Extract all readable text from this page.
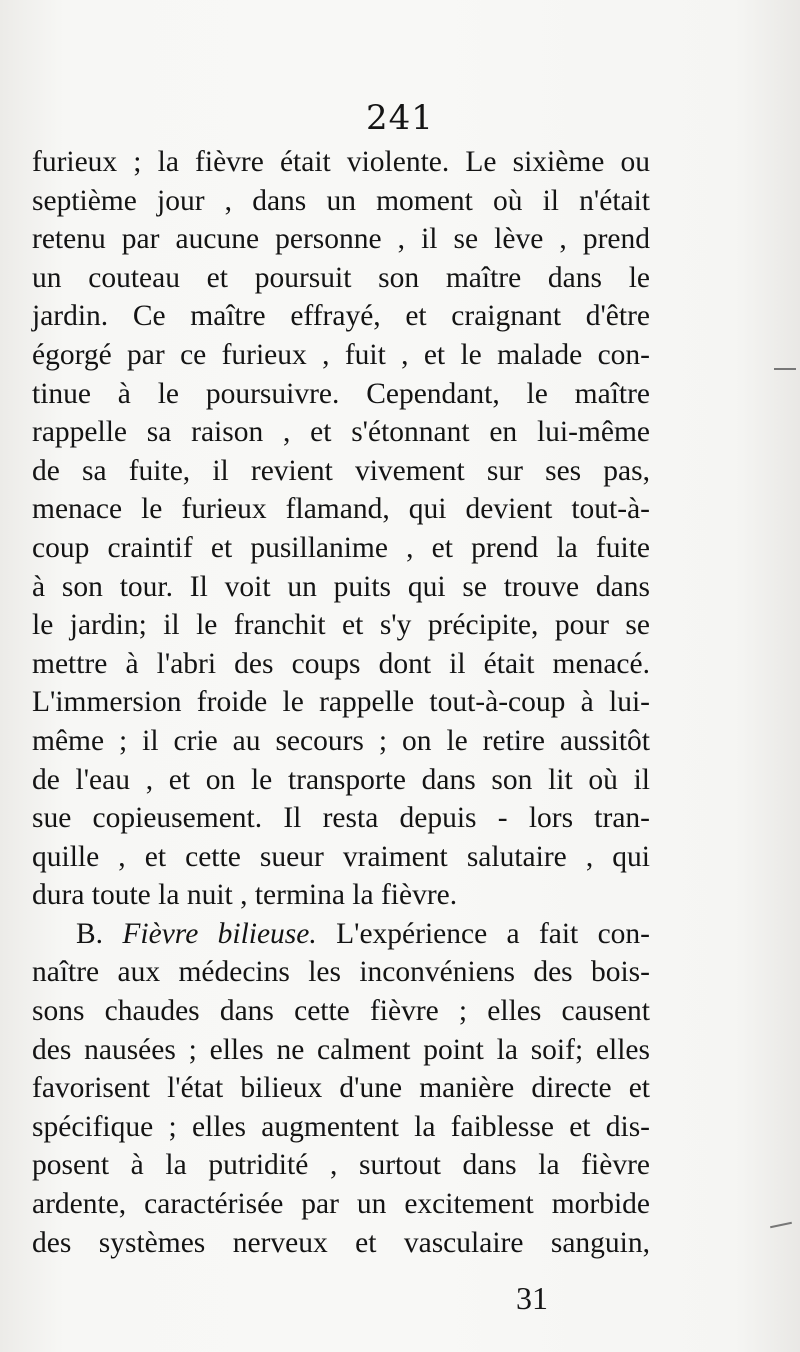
241
furieux ; la fièvre était violente. Le sixième ou
septième jour , dans un moment où il n'était
retenu par aucune personne , il se lève , prend
un couteau et poursuit son maître dans le
jardin. Ce maître effrayé, et craignant d'être
égorgé par ce furieux , fuit , et le malade con-
tinue à le poursuivre. Cependant, le maître
rappelle sa raison , et s'étonnant en lui-même
de sa fuite, il revient vivement sur ses pas,
menace le furieux flamand, qui devient tout-à-
coup craintif et pusillanime , et prend la fuite
à son tour. Il voit un puits qui se trouve dans
le jardin; il le franchit et s'y précipite, pour se
mettre à l'abri des coups dont il était menacé.
L'immersion froide le rappelle tout-à-coup à lui-
même ; il crie au secours ; on le retire aussitôt
de l'eau , et on le transporte dans son lit où il
sue copieusement. Il resta depuis - lors tran-
quille , et cette sueur vraiment salutaire , qui
dura toute la nuit , termina la fièvre.
B. Fièvre bilieuse. L'expérience a fait con-
naître aux médecins les inconvéniens des bois-
sons chaudes dans cette fièvre ; elles causent
des nausées ; elles ne calment point la soif; elles
favorisent l'état bilieux d'une manière directe et
spécifique ; elles augmentent la faiblesse et dis-
posent à la putridité , surtout dans la fièvre
ardente, caractérisée par un excitement morbide
des systèmes nerveux et vasculaire sanguin,
31
